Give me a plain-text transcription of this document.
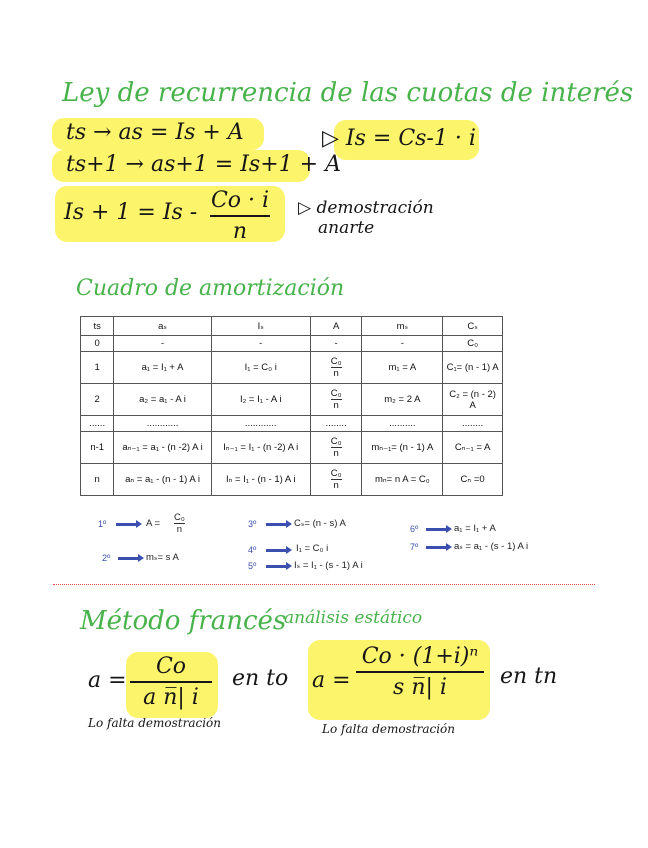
Ley de recurrencia de las cuotas de interés
ts → as = Is + A
ts+1 → as+1 = Is+1 + A
▷ Is = Cs-1 · i
Is + 1 = Is - Co · i
n
▷ demostración
anarte
Cuadro de amortización
ts	aₛ	Iₛ	A	mₛ	Cₛ
0	-	-	-	-	C₀
1	a₁ = I₁ + A	I₁ = C₀ i	$\frac{\text{C₀}}{n}$	m₁ = A	C₁= (n - 1) A
2	a₂ = a₁ - A i	I₂ = I₁ - A i	$\frac{\text{C₀}}{n}$	m₂ = 2 A	C₂ = (n - 2) A
......	............	............	........	..........	........
n-1	aₙ₋₁ = a₁ - (n -2) A i	Iₙ₋₁ = I₁ - (n -2) A i	$\frac{\text{C₀}}{n}$	mₙ₋₁= (n - 1) A	Cₙ₋₁ = A
n	aₙ = a₁ - (n - 1) A i	Iₙ = I₁ - (n - 1) A i	$\frac{\text{C₀}}{n}$	mₙ= n A = C₀	Cₙ =0
1º	$A = \frac{\text{C₀}}{n}$
2º	mₛ= s A
3º	Cₛ= (n - s) A
4º	I₁ = C₀ i
5º	Iₛ = I₁ - (s - 1) A i
6º	a₁ = I₁ + A
7º	aₛ = a₁ - (s - 1) A i
Método francés
análisis estático
a =
Co
a n̅| i
en to
Lo falta demostración
a =
Co · (1+i)ⁿ
s n̅| i	en tn
Lo falta demostración
